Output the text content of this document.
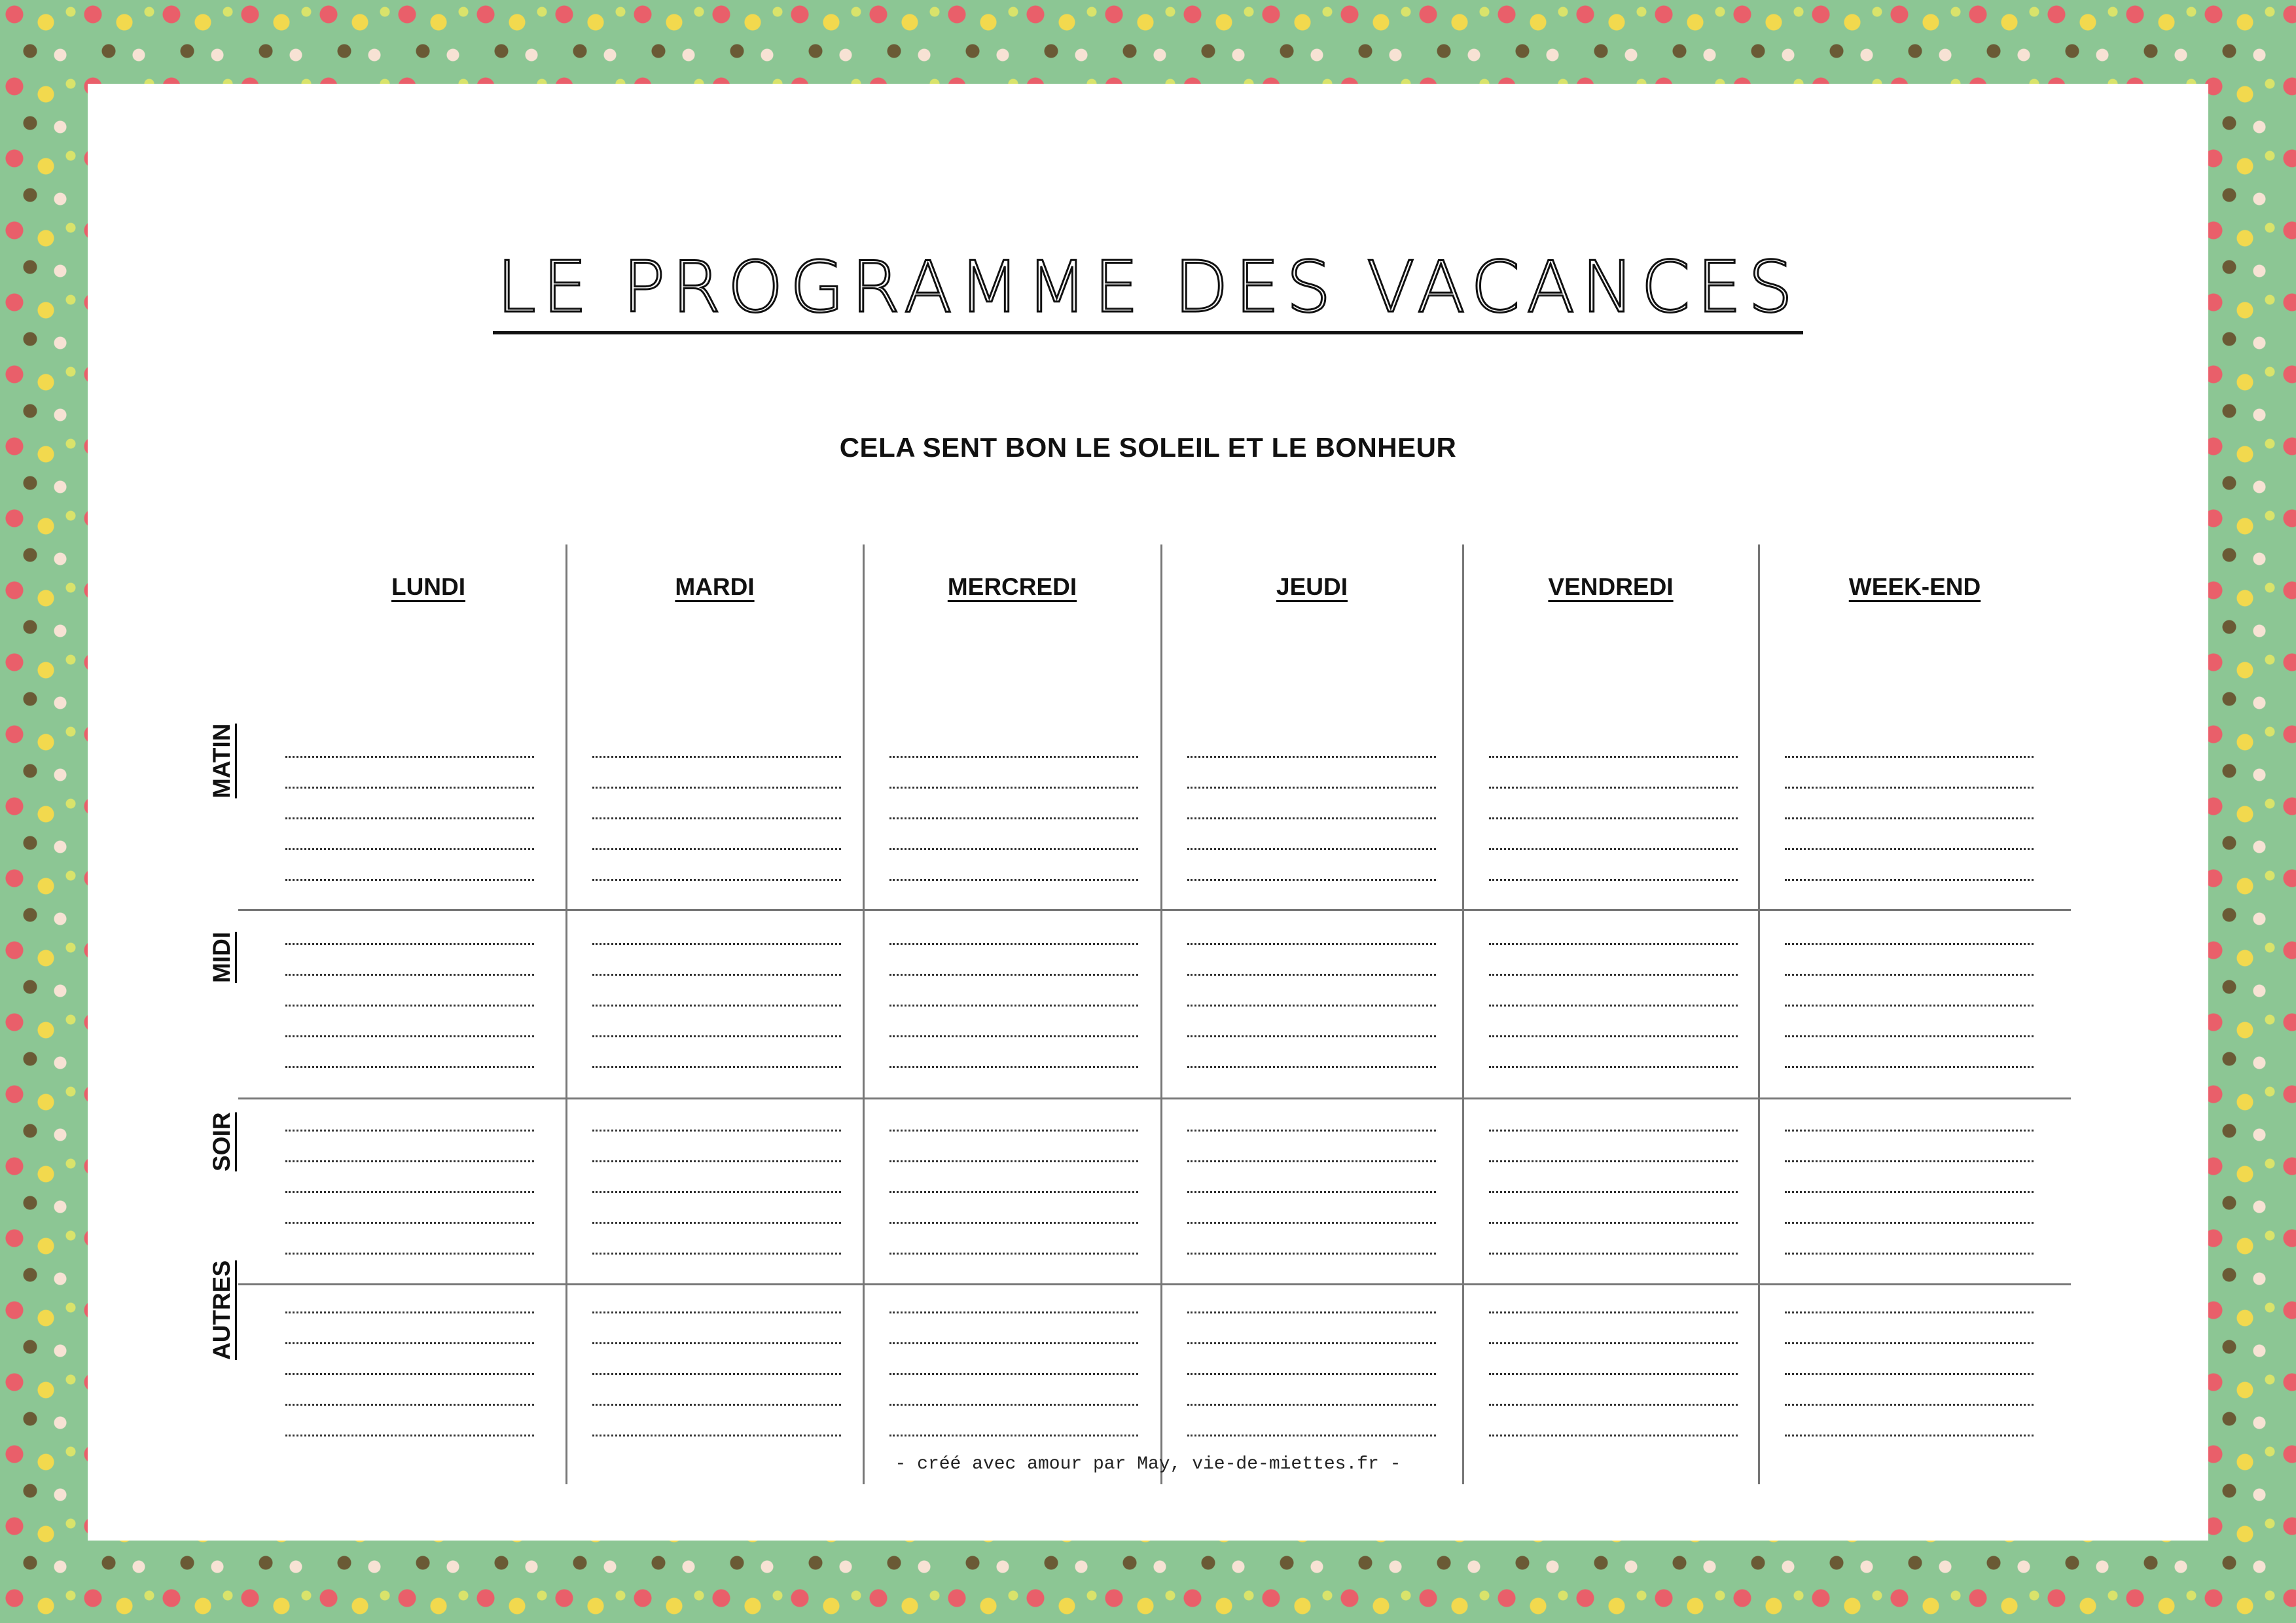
LE PROGRAMME DES VACANCES

CELA SENT BON LE SOLEIL ET LE BONHEUR

LUNDI	MARDI	MERCREDI	JEUDI	VENDREDI	WEEK-END

MATIN
MIDI
SOIR
AUTRES

- créé avec amour par May, vie-de-miettes.fr -
